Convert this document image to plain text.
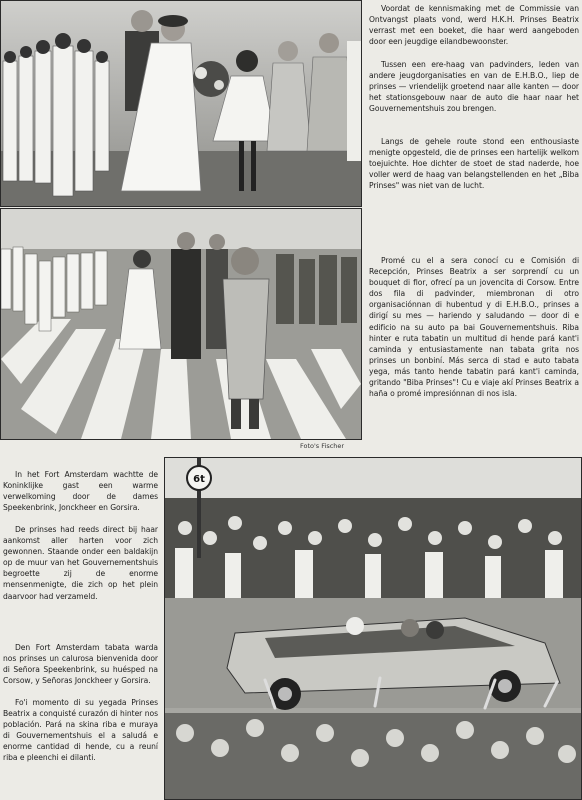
Foto's Fischer

Voordat de kennismaking met de Commissie van Ontvangst plaats vond, werd H.K.H. Prinses Beatrix verrast met een boeket, die haar werd aangeboden door een jeugdige eilandbewoonster.

Tussen een ere-haag van padvinders, leden van andere jeugdorganisaties en van de E.H.B.O., liep de prinses — vriendelijk groetend naar alle kanten — door het stationsgebouw naar de auto die haar naar het Gouvernementshuis zou brengen.

Langs de gehele route stond een enthousiaste menigte opgesteld, die de prinses een hartelijk welkom toejuichte. Hoe dichter de stoet de stad naderde, hoe voller werd de haag van belangstellenden en het „Biba Prinses" was niet van de lucht.

Promé cu el a sera conocí cu e Comisión di Recepción, Prinses Beatrix a ser sorprendí cu un bouquet di flor, ofrecí pa un jovencita di Corsow. Entre dos fila di padvinder, miembronan di otro organisaciónnan di hubentud y di E.H.B.O., prinses a dirigí su mes — hariendo y saludando — door di e edificio na su auto pa bai Gouvernementshuis. Riba hinter e ruta tabatin un multitud di hende pará kant'i caminda y entusiastamente nan tabata grita nos prinses un bonbiní. Más serca di stad e auto tabata yega, más tanto hende tabatin pará kant'i caminda, gritando "Biba Prinses"! Cu e viaje akí Prinses Beatrix a haña o promé impresiónnan di nos isla.

In het Fort Amsterdam wachtte de Koninklijke gast een warme verwelkoming door de dames Speekenbrink, Jonckheer en Gorsira.

De prinses had reeds direct bij haar aankomst aller harten voor zich gewonnen. Staande onder een baldakijn op de muur van het Gouvernementshuis begroette zij de enorme mensenmenigte, die zich op het plein daarvoor had verzameld.

Den Fort Amsterdam tabata warda nos prinses un calurosa bienvenida door di Señora Speekenbrink, su huésped na Corsow, y Señoras Jonckheer y Gorsira.

Fo'i momento di su yegada Prinses Beatrix a conquisté curazón di hinter nos población. Pará na skina riba e muraya di Gouvernementshuis el a saludá e enorme cantidad di hende, cu a reuní riba e pleenchi ei dilanti.

6t
